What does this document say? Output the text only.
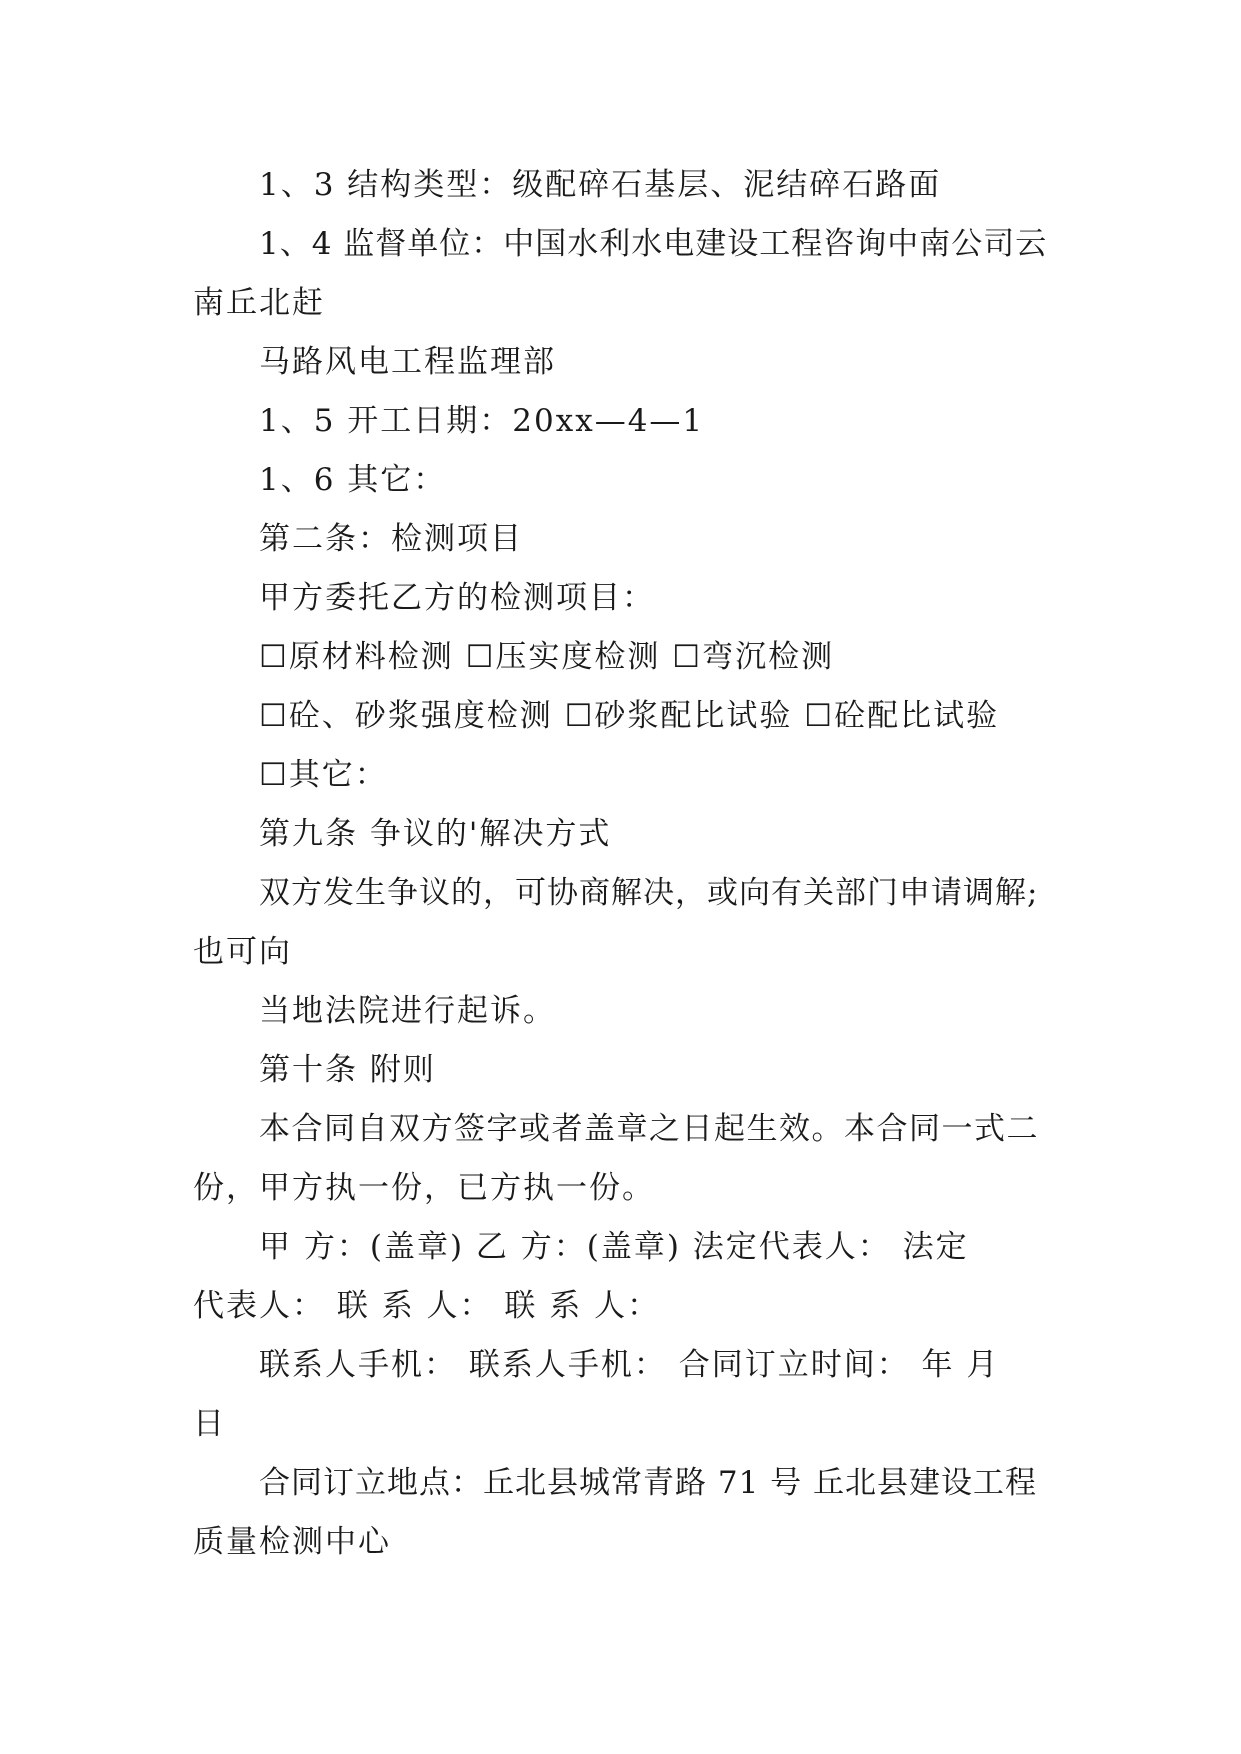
1、3 结构类型：级配碎石基层、泥结碎石路面
1、4 监督单位：中国水利水电建设工程咨询中南公司云
南丘北赶
马路风电工程监理部
1、5 开工日期：20xx—4—1
1、6 其它：
第二条：检测项目
甲方委托乙方的检测项目：
☐原材料检测 ☐压实度检测 ☐弯沉检测
☐砼、砂浆强度检测 ☐砂浆配比试验 ☐砼配比试验
☐其它：
第九条 争议的'解决方式
双方发生争议的，可协商解决，或向有关部门申请调解;
也可向
当地法院进行起诉。
第十条 附则
本合同自双方签字或者盖章之日起生效。本合同一式二
份，甲方执一份，已方执一份。
甲 方：(盖章) 乙 方：(盖章) 法定代表人： 法定
代表人： 联 系 人： 联 系 人：
联系人手机： 联系人手机： 合同订立时间： 年 月
日
合同订立地点：丘北县城常青路 71 号 丘北县建设工程
质量检测中心
